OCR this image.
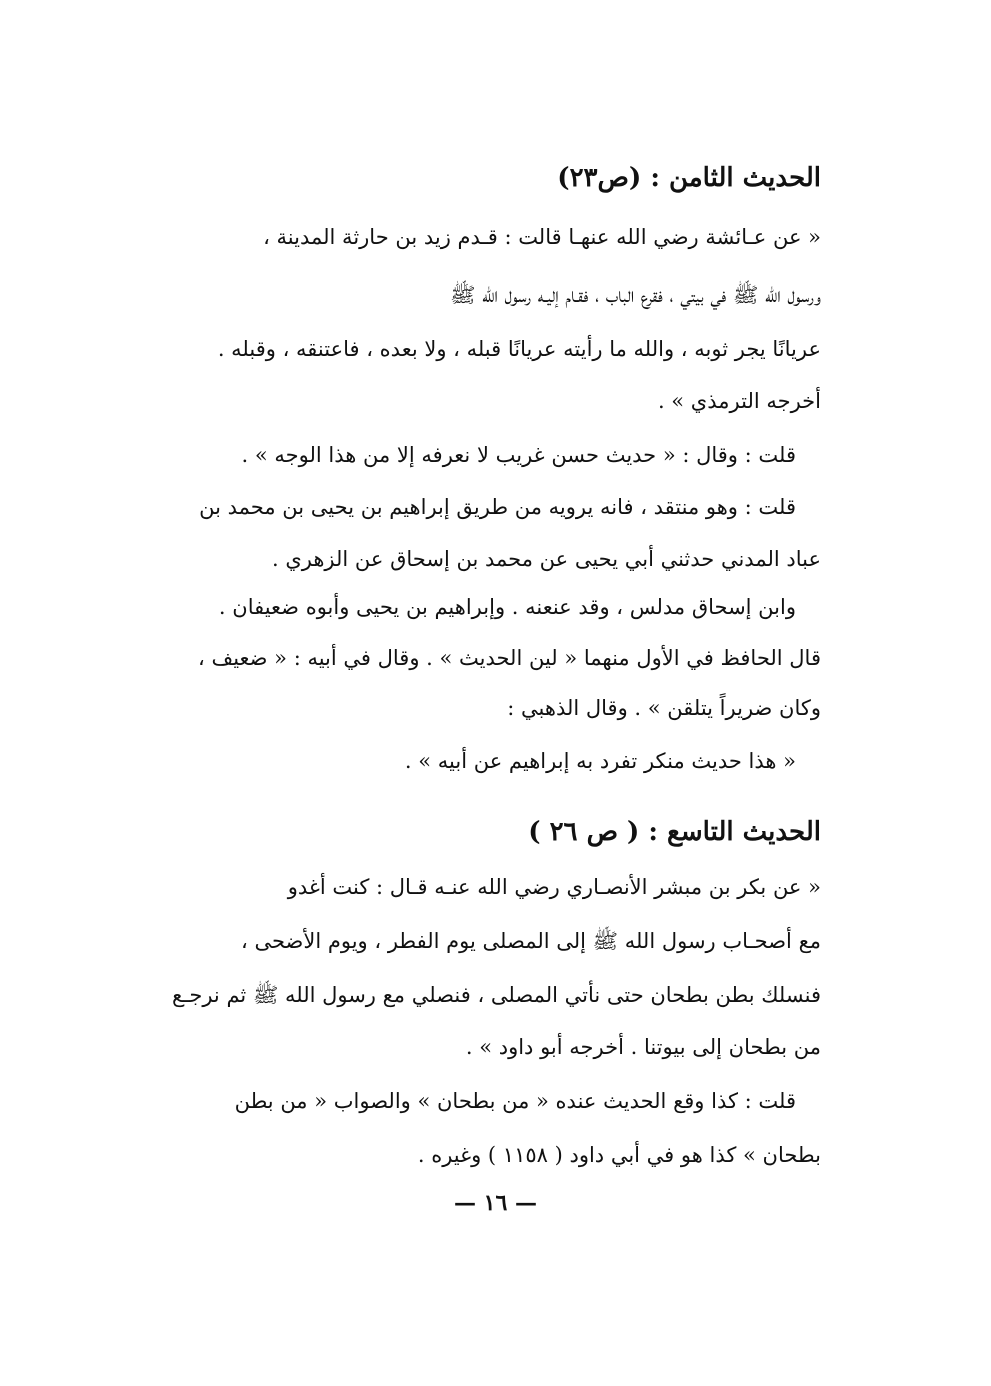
الحديث الثامن : (ص٢٣)
« عن عـائشة رضي الله عنهـا قالت : قـدم زيد بن حارثة المدينة ،
ورسول الله ﷺ في بيتي ، فقرع الباب ، فقـام إليـه رسول الله ﷺ
عريانًا يجر ثوبه ، والله ما رأيته عريانًا قبله ، ولا بعده ، فاعتنقه ، وقبله .
أخرجه الترمذي » .
قلت : وقال : « حديث حسن غريب لا نعرفه إلا من هذا الوجه » .
قلت : وهو منتقد ، فانه يرويه من طريق إبراهيم بن يحيى بن محمد بن
عباد المدني حدثني أبي يحيى عن محمد بن إسحاق عن الزهري .
وابن إسحاق مدلس ، وقد عنعنه . وإبراهيم بن يحيى وأبوه ضعيفان .
قال الحافظ في الأول منهما « لين الحديث » . وقال في أبيه : « ضعيف ،
وكان ضريراً يتلقن » . وقال الذهبي :
« هذا حديث منكر تفرد به إبراهيم عن أبيه » .
الحديث التاسع : ( ص ٢٦ )
« عن بكر بن مبشر الأنصـاري رضي الله عنـه قـال : كنت أغدو
مع أصحـاب رسول الله ﷺ إلى المصلى يوم الفطر ، ويوم الأضحى ،
فنسلك بطن بطحان حتى نأتي المصلى ، فنصلي مع رسول الله ﷺ ثم نرجـع
من بطحان إلى بيوتنا . أخرجه أبو داود » .
قلت : كذا وقع الحديث عنده « من بطحان » والصواب « من بطن
بطحان » كذا هو في أبي داود ( ١١٥٨ ) وغيره .
— ١٦ —
